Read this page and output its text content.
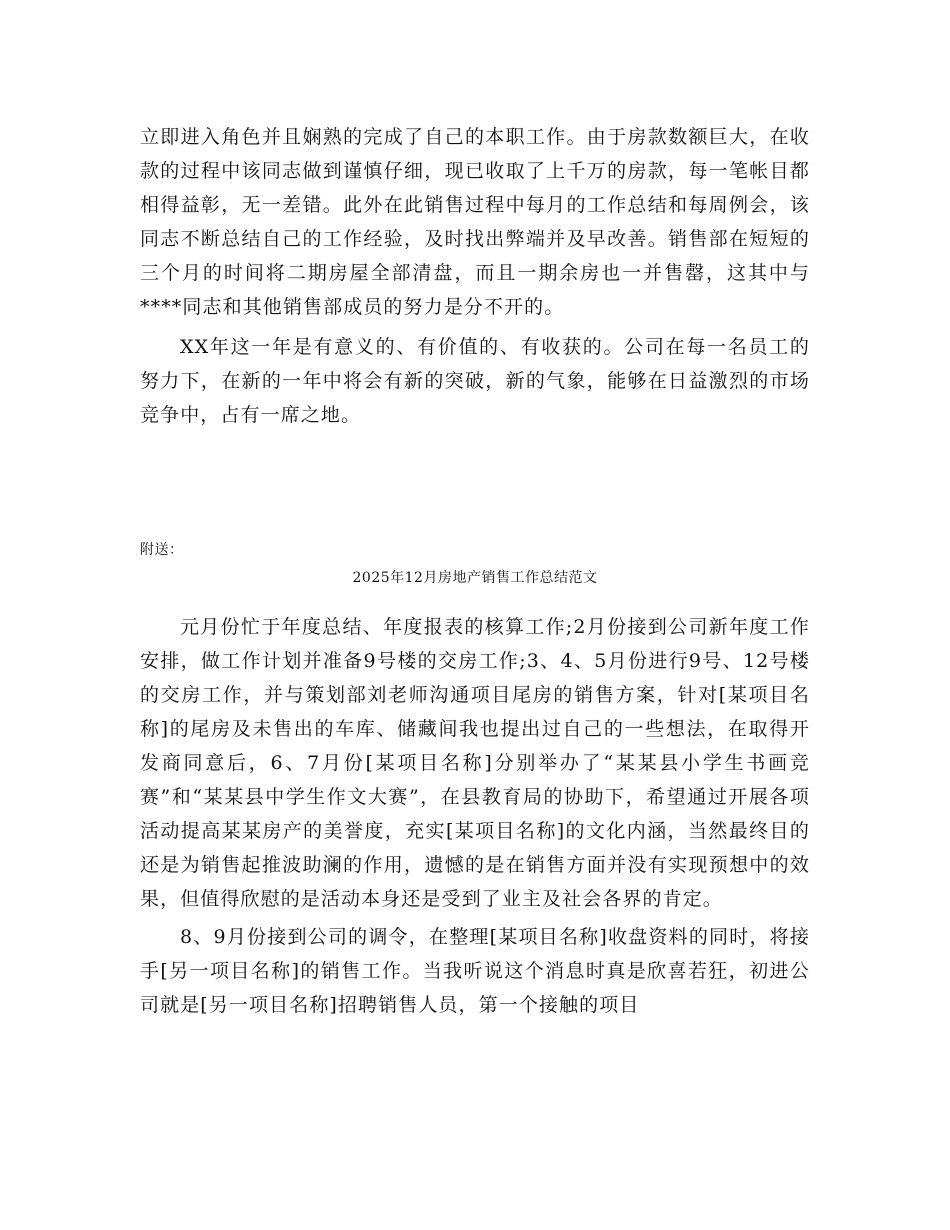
立即进入角色并且娴熟的完成了自己的本职工作。由于房款数额巨大，在收款的过程中该同志做到谨慎仔细，现已收取了上千万的房款，每一笔帐目都相得益彰，无一差错。此外在此销售过程中每月的工作总结和每周例会，该同志不断总结自己的工作经验，及时找出弊端并及早改善。销售部在短短的三个月的时间将二期房屋全部清盘，而且一期余房也一并售罄，这其中与****同志和其他销售部成员的努力是分不开的。

XX年这一年是有意义的、有价值的、有收获的。公司在每一名员工的努力下，在新的一年中将会有新的突破，新的气象，能够在日益激烈的市场竞争中，占有一席之地。

附送：

2025年12月房地产销售工作总结范文

元月份忙于年度总结、年度报表的核算工作;2月份接到公司新年度工作安排，做工作计划并准备9号楼的交房工作;3、4、5月份进行9号、12号楼的交房工作，并与策划部刘老师沟通项目尾房的销售方案，针对[某项目名称]的尾房及未售出的车库、储藏间我也提出过自己的一些想法，在取得开发商同意后，6、7月份[某项目名称]分别举办了“某某县小学生书画竞赛”和“某某县中学生作文大赛”，在县教育局的协助下，希望通过开展各项活动提高某某房产的美誉度，充实[某项目名称]的文化内涵，当然最终目的还是为销售起推波助澜的作用，遗憾的是在销售方面并没有实现预想中的效果，但值得欣慰的是活动本身还是受到了业主及社会各界的肯定。

8、9月份接到公司的调令，在整理[某项目名称]收盘资料的同时，将接手[另一项目名称]的销售工作。当我听说这个消息时真是欣喜若狂，初进公司就是[另一项目名称]招聘销售人员，第一个接触的项目
